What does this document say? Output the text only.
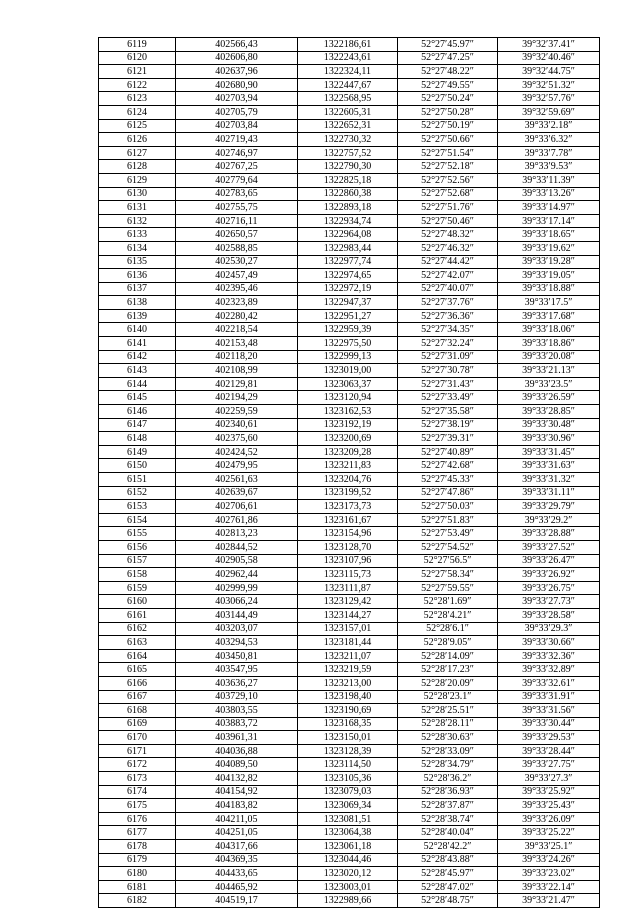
6119	402566,43	1322186,61	52°27′45.97″	39°32′37.41″
6120	402606,80	1322243,61	52°27′47.25″	39°32′40.46″
6121	402637,96	1322324,11	52°27′48.22″	39°32′44.75″
6122	402680,90	1322447,67	52°27′49.55″	39°32′51.32″
6123	402703,94	1322568,95	52°27′50.24″	39°32′57.76″
6124	402705,79	1322605,31	52°27′50.28″	39°32′59.69″
6125	402703,84	1322652,31	52°27′50.19″	39°33′2.18″
6126	402719,43	1322730,32	52°27′50.66″	39°33′6.32″
6127	402746,97	1322757,52	52°27′51.54″	39°33′7.78″
6128	402767,25	1322790,30	52°27′52.18″	39°33′9.53″
6129	402779,64	1322825,18	52°27′52.56″	39°33′11.39″
6130	402783,65	1322860,38	52°27′52.68″	39°33′13.26″
6131	402755,75	1322893,18	52°27′51.76″	39°33′14.97″
6132	402716,11	1322934,74	52°27′50.46″	39°33′17.14″
6133	402650,57	1322964,08	52°27′48.32″	39°33′18.65″
6134	402588,85	1322983,44	52°27′46.32″	39°33′19.62″
6135	402530,27	1322977,74	52°27′44.42″	39°33′19.28″
6136	402457,49	1322974,65	52°27′42.07″	39°33′19.05″
6137	402395,46	1322972,19	52°27′40.07″	39°33′18.88″
6138	402323,89	1322947,37	52°27′37.76″	39°33′17.5″
6139	402280,42	1322951,27	52°27′36.36″	39°33′17.68″
6140	402218,54	1322959,39	52°27′34.35″	39°33′18.06″
6141	402153,48	1322975,50	52°27′32.24″	39°33′18.86″
6142	402118,20	1322999,13	52°27′31.09″	39°33′20.08″
6143	402108,99	1323019,00	52°27′30.78″	39°33′21.13″
6144	402129,81	1323063,37	52°27′31.43″	39°33′23.5″
6145	402194,29	1323120,94	52°27′33.49″	39°33′26.59″
6146	402259,59	1323162,53	52°27′35.58″	39°33′28.85″
6147	402340,61	1323192,19	52°27′38.19″	39°33′30.48″
6148	402375,60	1323200,69	52°27′39.31″	39°33′30.96″
6149	402424,52	1323209,28	52°27′40.89″	39°33′31.45″
6150	402479,95	1323211,83	52°27′42.68″	39°33′31.63″
6151	402561,63	1323204,76	52°27′45.33″	39°33′31.32″
6152	402639,67	1323199,52	52°27′47.86″	39°33′31.11″
6153	402706,61	1323173,73	52°27′50.03″	39°33′29.79″
6154	402761,86	1323161,67	52°27′51.83″	39°33′29.2″
6155	402813,23	1323154,96	52°27′53.49″	39°33′28.88″
6156	402844,52	1323128,70	52°27′54.52″	39°33′27.52″
6157	402905,58	1323107,96	52°27′56.5″	39°33′26.47″
6158	402962,44	1323115,73	52°27′58.34″	39°33′26.92″
6159	402999,99	1323111,87	52°27′59.55″	39°33′26.75″
6160	403066,24	1323129,42	52°28′1.69″	39°33′27.73″
6161	403144,49	1323144,27	52°28′4.21″	39°33′28.58″
6162	403203,07	1323157,01	52°28′6.1″	39°33′29.3″
6163	403294,53	1323181,44	52°28′9.05″	39°33′30.66″
6164	403450,81	1323211,07	52°28′14.09″	39°33′32.36″
6165	403547,95	1323219,59	52°28′17.23″	39°33′32.89″
6166	403636,27	1323213,00	52°28′20.09″	39°33′32.61″
6167	403729,10	1323198,40	52°28′23.1″	39°33′31.91″
6168	403803,55	1323190,69	52°28′25.51″	39°33′31.56″
6169	403883,72	1323168,35	52°28′28.11″	39°33′30.44″
6170	403961,31	1323150,01	52°28′30.63″	39°33′29.53″
6171	404036,88	1323128,39	52°28′33.09″	39°33′28.44″
6172	404089,50	1323114,50	52°28′34.79″	39°33′27.75″
6173	404132,82	1323105,36	52°28′36.2″	39°33′27.3″
6174	404154,92	1323079,03	52°28′36.93″	39°33′25.92″
6175	404183,82	1323069,34	52°28′37.87″	39°33′25.43″
6176	404211,05	1323081,51	52°28′38.74″	39°33′26.09″
6177	404251,05	1323064,38	52°28′40.04″	39°33′25.22″
6178	404317,66	1323061,18	52°28′42.2″	39°33′25.1″
6179	404369,35	1323044,46	52°28′43.88″	39°33′24.26″
6180	404433,65	1323020,12	52°28′45.97″	39°33′23.02″
6181	404465,92	1323003,01	52°28′47.02″	39°33′22.14″
6182	404519,17	1322989,66	52°28′48.75″	39°33′21.47″
